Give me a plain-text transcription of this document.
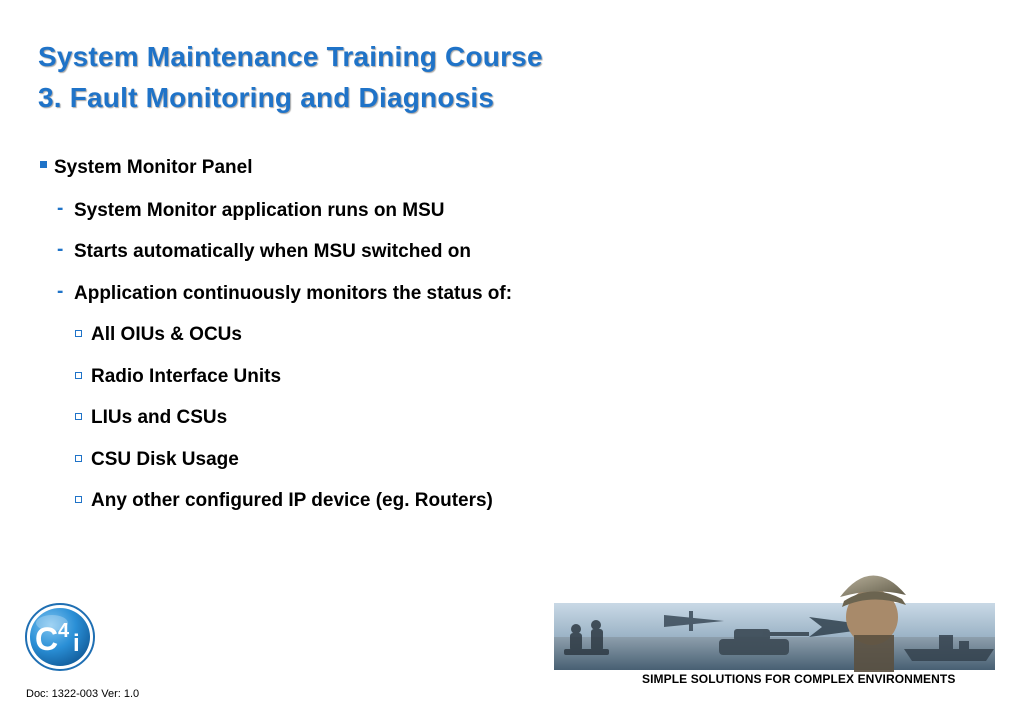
System Maintenance Training Course
3. Fault Monitoring and Diagnosis
System Monitor Panel
- System Monitor application runs on MSU
- Starts automatically when MSU switched on
- Application continuously monitors the status of:
All OIUs & OCUs
Radio Interface Units
LIUs and CSUs
CSU Disk Usage
Any other configured IP device (eg. Routers)
C 4 i
Doc: 1322-003 Ver: 1.0
SIMPLE SOLUTIONS FOR COMPLEX ENVIRONMENTS
